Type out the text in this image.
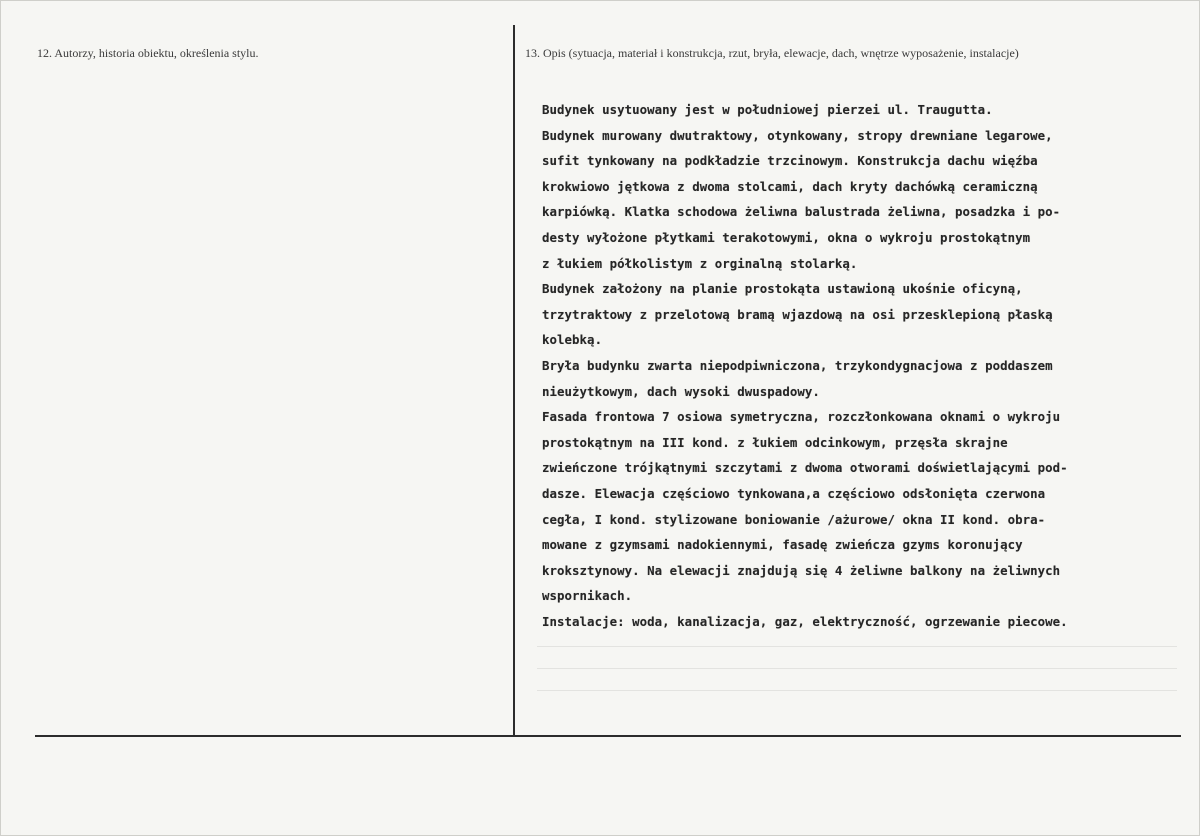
12. Autorzy, historia obiektu, określenia stylu.	13. Opis (sytuacja, materiał i konstrukcja, rzut, bryła, elewacje, dach, wnętrze wyposażenie, instalacje)

Budynek usytuowany jest w południowej pierzei ul. Traugutta.
Budynek murowany dwutraktowy, otynkowany, stropy drewniane legarowe,
sufit tynkowany na podkładzie trzcinowym. Konstrukcja dachu więźba
krokwiowo jętkowa z dwoma stolcami, dach kryty dachówką ceramiczną
karpiówką. Klatka schodowa żeliwna balustrada żeliwna, posadzka i po-
desty wyłożone płytkami terakotowymi, okna o wykroju prostokątnym
z łukiem półkolistym z orginalną stolarką.
Budynek założony na planie prostokąta ustawioną ukośnie oficyną,
trzytraktowy z przelotową bramą wjazdową na osi przesklepioną płaską
kolebką.
Bryła budynku zwarta niepodpiwniczona, trzykondygnacjowa z poddaszem
nieużytkowym, dach wysoki dwuspadowy.
Fasada frontowa 7 osiowa symetryczna, rozczłonkowana oknami o wykroju
prostokątnym na III kond. z łukiem odcinkowym, przęsła skrajne
zwieńczone trójkątnymi szczytami z dwoma otworami doświetlającymi pod-
dasze. Elewacja częściowo tynkowana,a częściowo odsłonięta czerwona
cegła, I kond. stylizowane boniowanie /ażurowe/ okna II kond. obra-
mowane z gzymsami nadokiennymi, fasadę zwieńcza gzyms koronujący
kroksztynowy. Na elewacji znajdują się 4 żeliwne balkony na żeliwnych
wspornikach.
Instalacje: woda, kanalizacja, gaz, elektryczność, ogrzewanie piecowe.
